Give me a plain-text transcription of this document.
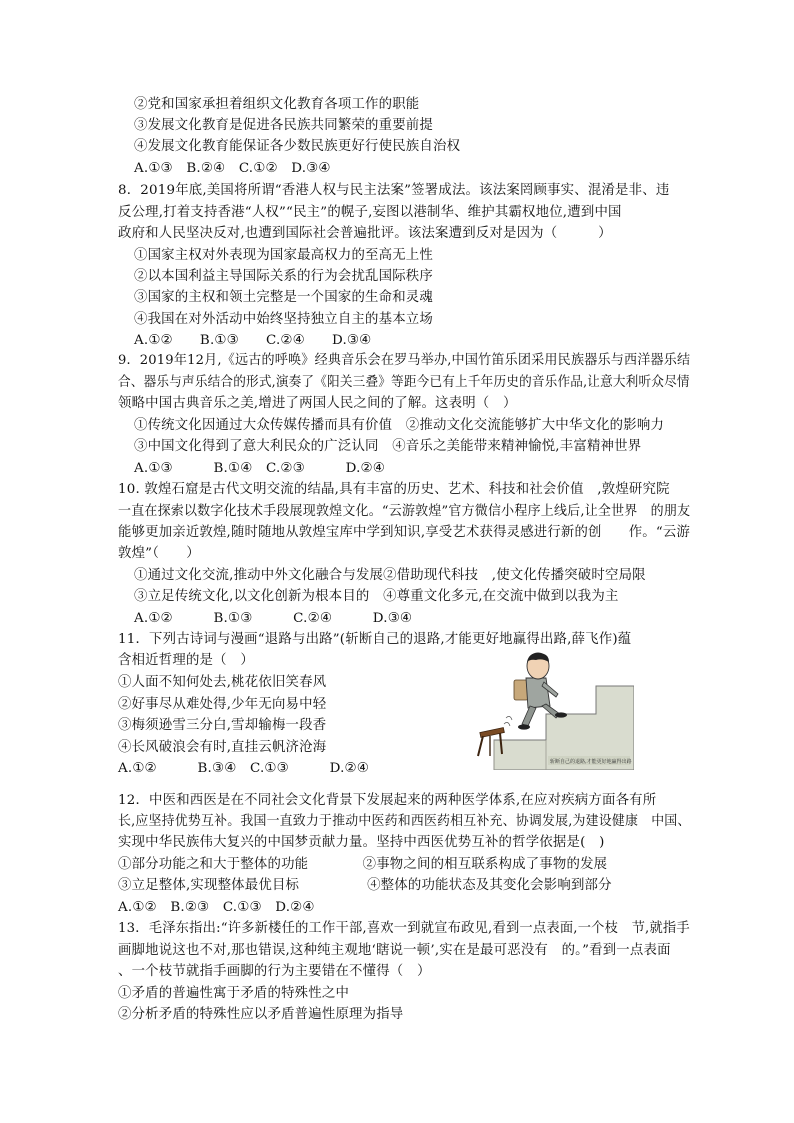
②党和国家承担着组织文化教育各项工作的职能
③发展文化教育是促进各民族共同繁荣的重要前提
④发展文化教育能保证各少数民族更好行使民族自治权
A.①③　B.②④　C.①②　D.③④
8．2019年底,美国将所谓“香港人权与民主法案”签署成法。该法案罔顾事实、混淆是非、违
反公理,打着支持香港“人权”“民主”的幌子,妄图以港制华、维护其霸权地位,遭到中国
政府和人民坚决反对,也遭到国际社会普遍批评。该法案遭到反对是因为（　　　）
①国家主权对外表现为国家最高权力的至高无上性
②以本国利益主导国际关系的行为会扰乱国际秩序
③国家的主权和领土完整是一个国家的生命和灵魂
④我国在对外活动中始终坚持独立自主的基本立场
A.①②　　B.①③　　C.②④　　D.③④
9．2019年12月,《远古的呼唤》经典音乐会在罗马举办,中国竹笛乐团采用民族器乐与西洋器乐结
合、器乐与声乐结合的形式,演奏了《阳关三叠》等距今已有上千年历史的音乐作品,让意大利听众尽情
领略中国古典音乐之美,增进了两国人民之间的了解。这表明（　）
①传统文化因通过大众传媒传播而具有价值　②推动文化交流能够扩大中华文化的影响力
③中国文化得到了意大利民众的广泛认同　④音乐之美能带来精神愉悦,丰富精神世界
A.①③　　　B.①④　C.②③　　　D.②④
10. 敦煌石窟是古代文明交流的结晶,具有丰富的历史、艺术、科技和社会价值　,敦煌研究院
一直在探索以数字化技术手段展现敦煌文化。“云游敦煌”官方微信小程序上线后,让全世界　的朋友
能够更加亲近敦煌,随时随地从敦煌宝库中学到知识,享受艺术获得灵感进行新的创　　作。“云游
敦煌”（　　）
①通过文化交流,推动中外文化融合与发展②借助现代科技　,使文化传播突破时空局限
③立足传统文化,以文化创新为根本目的　④尊重文化多元,在交流中做到以我为主
A.①②　　　B.①③　　　C.②④　　　D.③④
11．下列古诗词与漫画“退路与出路”(斩断自己的退路,才能更好地赢得出路,薛飞作)蕴
含相近哲理的是（　）
①人面不知何处去,桃花依旧笑春风
②好事尽从难处得,少年无向易中轻
③梅须逊雪三分白,雪却输梅一段香
④长风破浪会有时,直挂云帆济沧海
A.①②　　　B.③④　C.①③　　　D.②④	斩断自己的退路,才能更好地赢得出路
12．中医和西医是在不同社会文化背景下发展起来的两种医学体系,在应对疾病方面各有所
长,应坚持优势互补。我国一直致力于推动中医药和西医药相互补充、协调发展,为建设健康　中国、
实现中华民族伟大复兴的中国梦贡献力量。坚持中西医优势互补的哲学依据是(　)
①部分功能之和大于整体的功能　　　　②事物之间的相互联系构成了事物的发展
③立足整体,实现整体最优目标　　　　　④整体的功能状态及其变化会影响到部分
A.①②　B.②③　C.①③　D.②④
13．毛泽东指出:“许多新楼任的工作干部,喜欢一到就宣布政见,看到一点表面,一个枝　节,就指手
画脚地说这也不对,那也错误,这种纯主观地‘瞎说一顿’,实在是最可恶没有　的。”看到一点表面
、一个枝节就指手画脚的行为主要错在不懂得（　）
①矛盾的普遍性寓于矛盾的特殊性之中
②分析矛盾的特殊性应以矛盾普遍性原理为指导
